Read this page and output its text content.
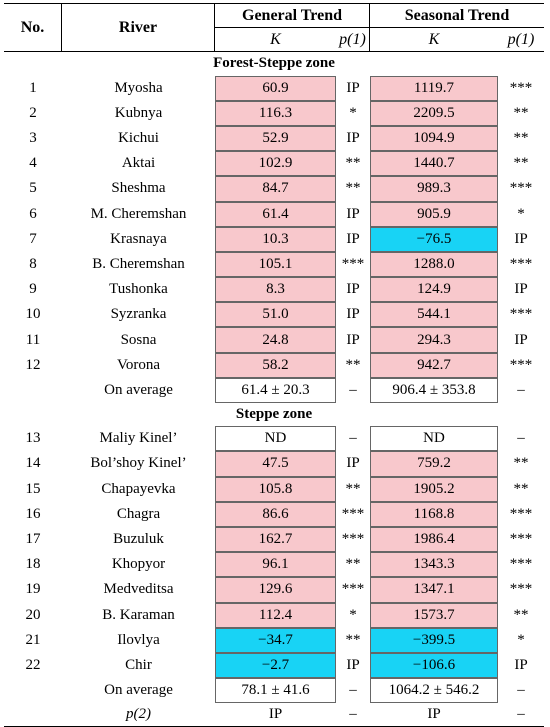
No.	River	General Trend		Seasonal Trend	
		K	p(1)	K	p(1)
Forest-Steppe zone					
1	Myosha	60.9	IP	1119.7	***
2	Kubnya	116.3	*	2209.5	**
3	Kichui	52.9	IP	1094.9	**
4	Aktai	102.9	**	1440.7	**
5	Sheshma	84.7	**	989.3	***
6	M. Cheremshan	61.4	IP	905.9	*
7	Krasnaya	10.3	IP	−76.5	IP
8	B. Cheremshan	105.1	***	1288.0	***
9	Tushonka	8.3	IP	124.9	IP
10	Syzranka	51.0	IP	544.1	***
11	Sosna	24.8	IP	294.3	IP
12	Vorona	58.2	**	942.7	***
	On average	61.4 ± 20.3	–	906.4 ± 353.8	–
Steppe zone					
13	Maliy Kinel’	ND	–	ND	–
14	Bol’shoy Kinel’	47.5	IP	759.2	**
15	Chapayevka	105.8	**	1905.2	**
16	Chagra	86.6	***	1168.8	***
17	Buzuluk	162.7	***	1986.4	***
18	Khopyor	96.1	**	1343.3	***
19	Medveditsa	129.6	***	1347.1	***
20	B. Karaman	112.4	*	1573.7	**
21	Ilovlya	−34.7	**	−399.5	*
22	Chir	−2.7	IP	−106.6	IP
	On average	78.1 ± 41.6	–	1064.2 ± 546.2	–
	p(2)	IP	–	IP	–
